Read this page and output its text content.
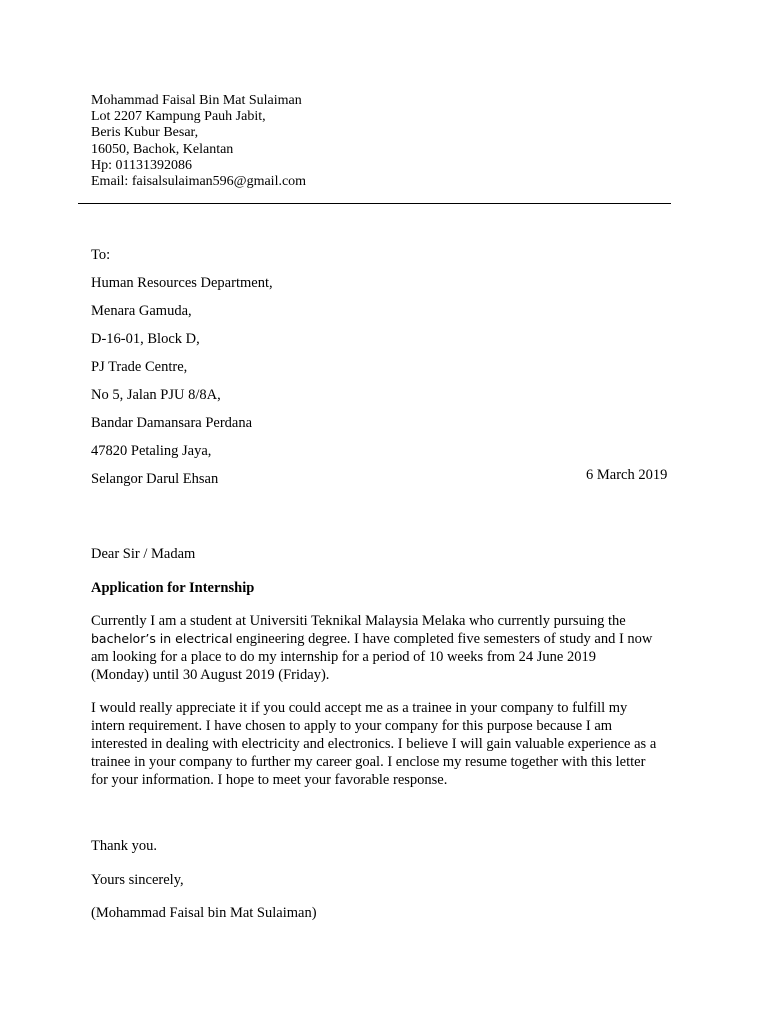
Mohammad Faisal Bin Mat Sulaiman
Lot 2207 Kampung Pauh Jabit,
Beris Kubur Besar,
16050, Bachok, Kelantan
Hp: 01131392086
Email: faisalsulaiman596@gmail.com
To:
Human Resources Department,
Menara Gamuda,
D-16-01, Block D,
PJ Trade Centre,
No 5, Jalan PJU 8/8A,
Bandar Damansara Perdana
47820 Petaling Jaya,
Selangor Darul Ehsan	6 March 2019
Dear Sir / Madam
Application for Internship
Currently I am a student at Universiti Teknikal Malaysia Melaka who currently pursuing the
bachelor’s in electrical engineering degree. I have completed five semesters of study and I now
am looking for a place to do my internship for a period of 10 weeks from 24 June 2019
(Monday) until 30 August 2019 (Friday).
I would really appreciate it if you could accept me as a trainee in your company to fulfill my
intern requirement. I have chosen to apply to your company for this purpose because I am
interested in dealing with electricity and electronics. I believe I will gain valuable experience as a
trainee in your company to further my career goal. I enclose my resume together with this letter
for your information. I hope to meet your favorable response.
Thank you.
Yours sincerely,
(Mohammad Faisal bin Mat Sulaiman)
